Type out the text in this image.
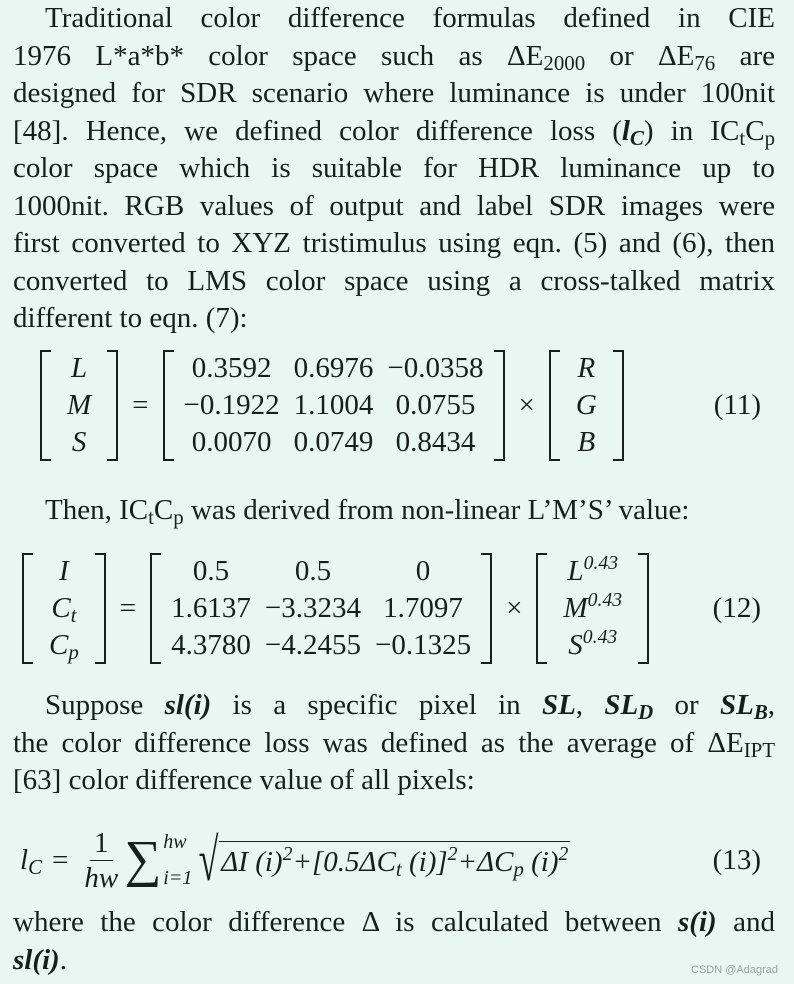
Traditional color difference formulas defined in CIE
1976 L*a*b* color space such as $\Delta E_{2000}$ or $\Delta E_{76}$ are
designed for SDR scenario where luminance is under 100nit
[48]. Hence, we defined color difference loss $(l_C)$ in $IC_tC_p$
color space which is suitable for HDR luminance up to
1000nit. RGB values of output and label SDR images were
first converted to XYZ tristimulus using eqn. (5) and (6), then
converted to LMS color space using a cross-talked matrix
different to eqn. (7):
L
M
S
=
0.3592 0.6976 −0.0358
−0.1922 1.1004 0.0755
0.0070 0.0749 0.8434
×
R
G
B
(11)
Then, $IC_tC_p$ was derived from non-linear L’M’S’ value:
I
$C_t$
$C_p$
=
0.5	0.5	0
1.6137 −3.3234 1.7097
4.3780 −4.2455 −0.1325
×
$L^{0.43}$
$M^{0.43}$
$S^{0.43}$
(12)
Suppose sl(i) is a specific pixel in SL, $SL_D$ or $SL_B$,
the color difference loss was defined as the average of $\Delta E_{IPT}$
[63] color difference value of all pixels:
$l_C = \frac{1}{hw}$ ∑ hw
i=1 √ ΔI $(i)^2+[0.5\Delta C_t$ $(i)]^2+\Delta C_p$ $(i)^2$	(13)
where the color difference Δ is calculated between s(i) and
sl(i).	CSDN @Adagrad
